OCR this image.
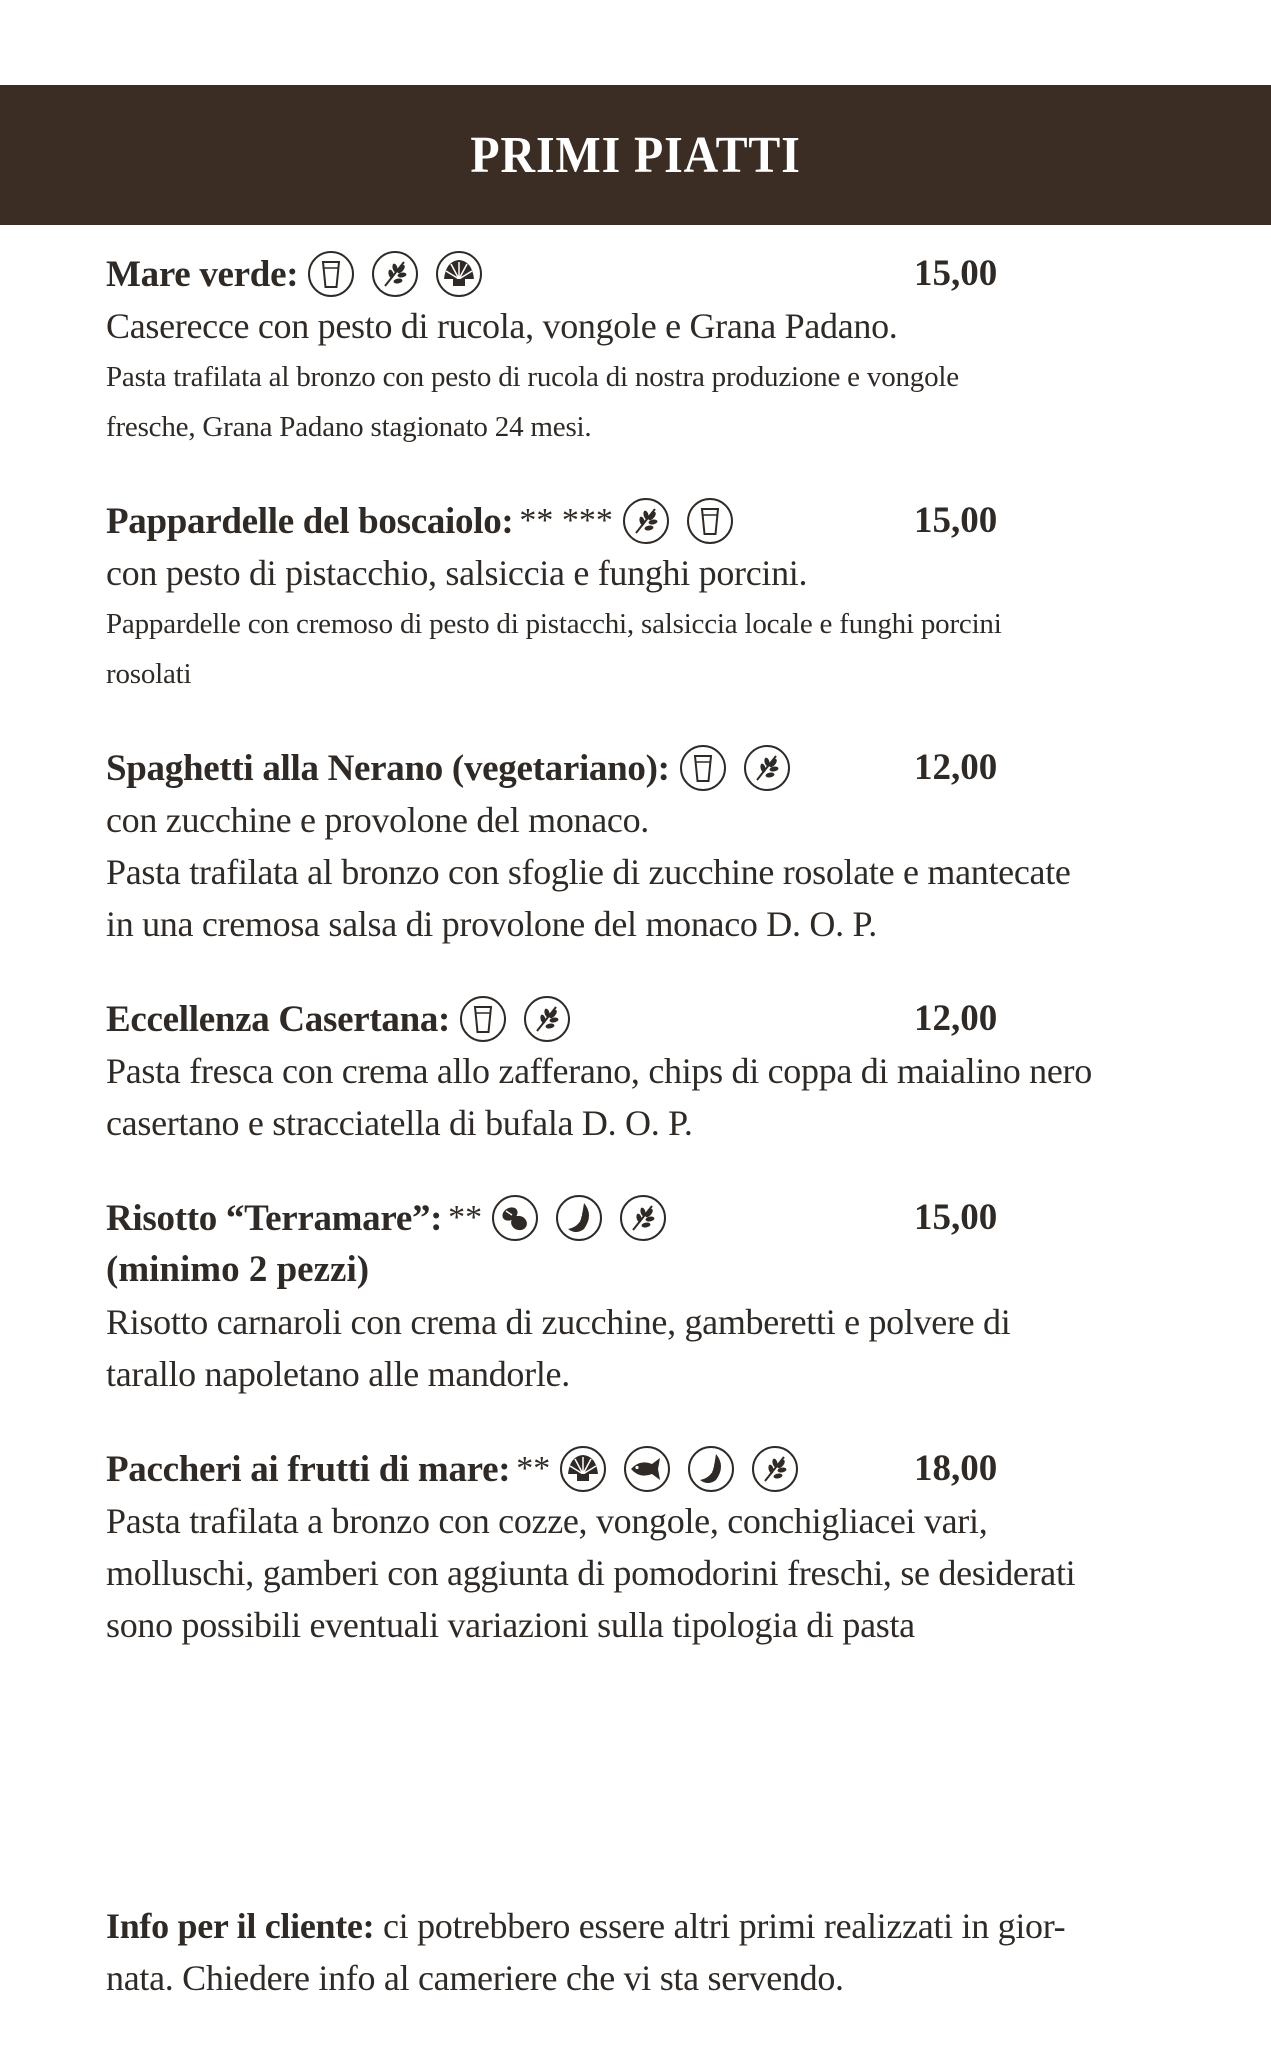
PRIMI PIATTI
Mare verde:	15,00
Caserecce con pesto di rucola, vongole e Grana Padano.
Pasta trafilata al bronzo con pesto di rucola di nostra produzione e vongole
fresche, Grana Padano stagionato 24 mesi.
Pappardelle del boscaiolo: ** ***	15,00
con pesto di pistacchio, salsiccia e funghi porcini.
Pappardelle con cremoso di pesto di pistacchi, salsiccia locale e funghi porcini
rosolati
Spaghetti alla Nerano (vegetariano):	12,00
con zucchine e provolone del monaco.
Pasta trafilata al bronzo con sfoglie di zucchine rosolate e mantecate
in una cremosa salsa di provolone del monaco D. O. P.
Eccellenza Casertana:	12,00
Pasta fresca con crema allo zafferano, chips di coppa di maialino nero
casertano e stracciatella di bufala D. O. P.
Risotto “Terramare”: **	15,00
(minimo 2 pezzi)
Risotto carnaroli con crema di zucchine, gamberetti e polvere di
tarallo napoletano alle mandorle.
Paccheri ai frutti di mare: **	18,00
Pasta trafilata a bronzo con cozze, vongole, conchigliacei vari,
molluschi, gamberi con aggiunta di pomodorini freschi, se desiderati
sono possibili eventuali variazioni sulla tipologia di pasta
Info per il cliente: ci potrebbero essere altri primi realizzati in gior-
nata. Chiedere info al cameriere che vi sta servendo.
